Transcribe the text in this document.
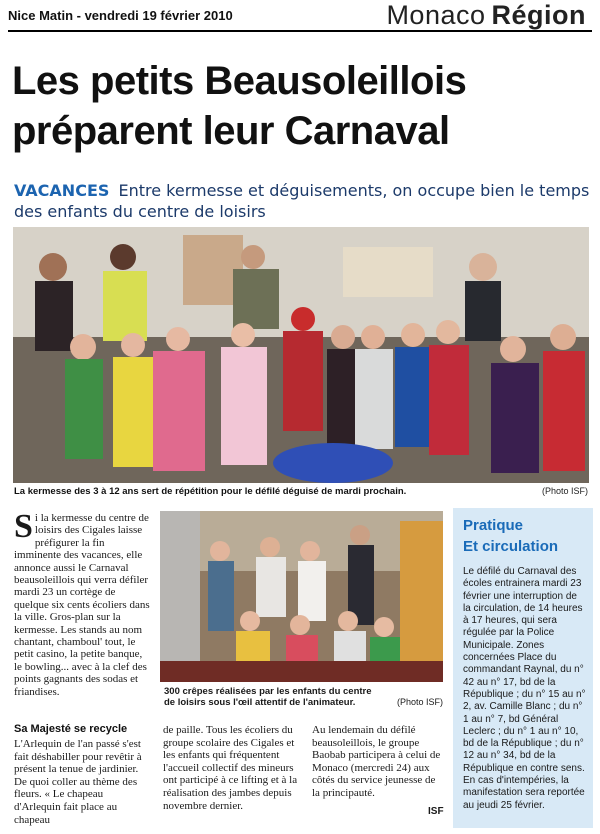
Nice Matin - vendredi 19 février 2010	Monaco Région
Les petits Beausoleillois
préparent leur Carnaval
VACANCES Entre kermesse et déguisements, on occupe bien le temps des enfants du centre de loisirs
La kermesse des 3 à 12 ans sert de répétition pour le défilé déguisé de mardi prochain.	(Photo ISF)

Si la kermesse du centre de loisirs des Cigales laisse préfigurer la fin imminente des vacances, elle annonce aussi le Carnaval beausoleillois qui verra défiler mardi 23 un cortège de quelque six cents écoliers dans la ville. Gros-plan sur la kermesse. Les stands au nom chantant, chamboul' tout, le petit casino, la petite banque, le bowling... avec à la clef des points gagnants des sodas et friandises.	300 crêpes réalisées par les enfants du centre de loisirs sous l'œil attentif de l'animateur.	(Photo ISF)
Sa Majesté se recycle
L'Arlequin de l'an passé s'est fait déshabiller pour revêtir à présent la tenue de jardinier. De quoi coller au thème des fleurs. « Le chapeau d'Arlequin fait place au chapeau
de paille. Tous les écoliers du groupe scolaire des Cigales et les enfants qui fréquentent l'accueil collectif des mineurs ont participé à ce lifting et à la réalisation des jambes depuis novembre dernier.
Au lendemain du défilé beausoleillois, le groupe Baobab participera à celui de Monaco (mercredi 24) aux côtés du service jeunesse de la principauté.
ISF
Pratique
Et circulation
Le défilé du Carnaval des écoles entrainera mardi 23 février une interruption de la circulation, de 14 heures à 17 heures, qui sera régulée par la Police Municipale. Zones concernées Place du commandant Raynal, du n° 42 au n° 17, bd de la République ; du n° 15 au n° 2, av. Camille Blanc ; du n° 1 au n° 7, bd Général Leclerc ; du n° 1 au n° 10, bd de la République ; du n° 12 au n° 34, bd de la République en contre sens. En cas d'intempéries, la manifestation sera reportée au jeudi 25 février.
